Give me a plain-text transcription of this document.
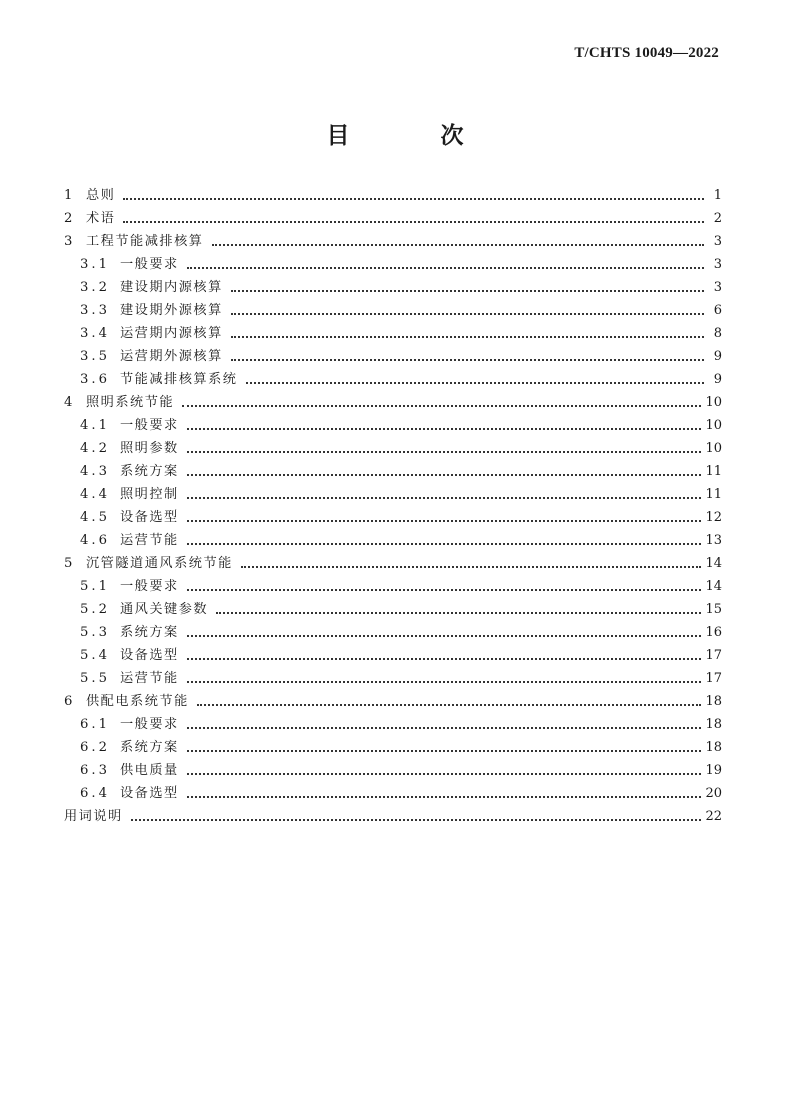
T/CHTS 10049—2022
目　次
1 总则	1
2 术语	2
3 工程节能减排核算	3
3.1 一般要求	3
3.2 建设期内源核算	3
3.3 建设期外源核算	6
3.4 运营期内源核算	8
3.5 运营期外源核算	9
3.6 节能减排核算系统	9
4 照明系统节能	10
4.1 一般要求	10
4.2 照明参数	10
4.3 系统方案	11
4.4 照明控制	11
4.5 设备选型	12
4.6 运营节能	13
5 沉管隧道通风系统节能	14
5.1 一般要求	14
5.2 通风关键参数	15
5.3 系统方案	16
5.4 设备选型	17
5.5 运营节能	17
6 供配电系统节能	18
6.1 一般要求	18
6.2 系统方案	18
6.3 供电质量	19
6.4 设备选型	20
用词说明	22
